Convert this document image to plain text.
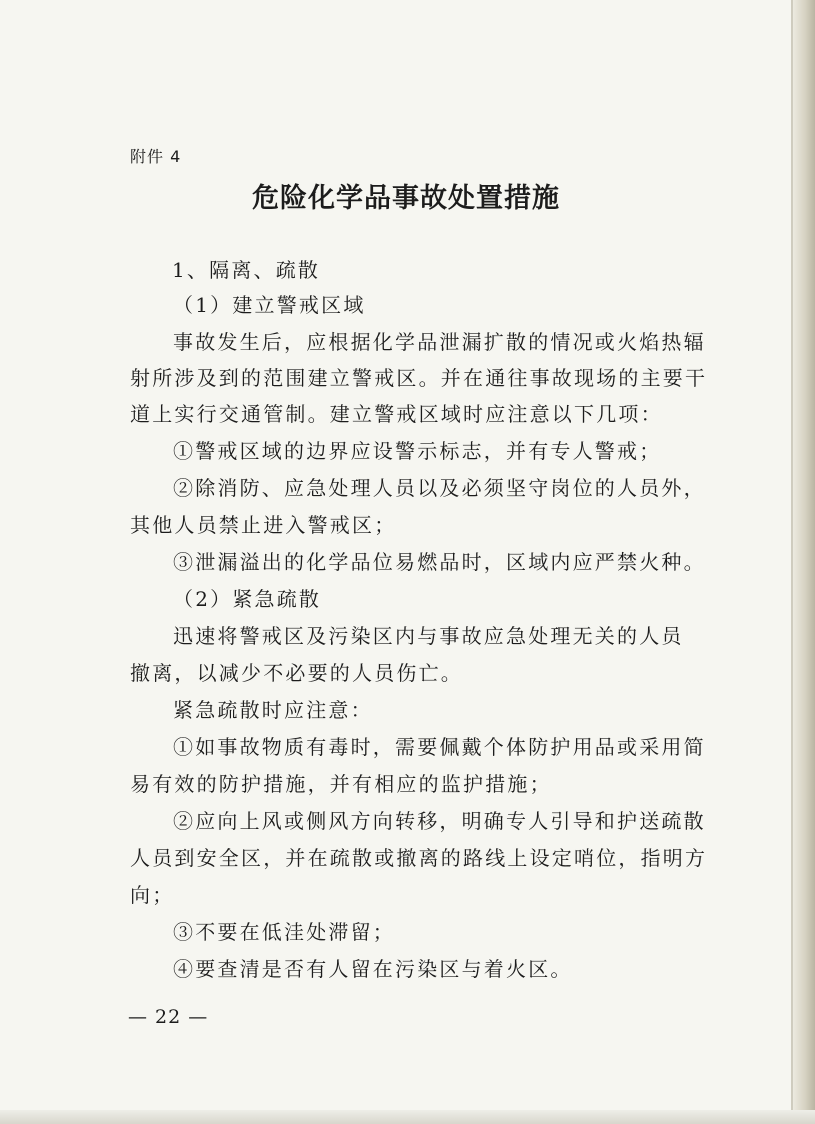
附件 4
危险化学品事故处置措施
1、隔离、疏散
（1）建立警戒区域
事故发生后，应根据化学品泄漏扩散的情况或火焰热辐
射所涉及到的范围建立警戒区。并在通往事故现场的主要干
道上实行交通管制。建立警戒区域时应注意以下几项：
①警戒区域的边界应设警示标志，并有专人警戒；
②除消防、应急处理人员以及必须坚守岗位的人员外，
其他人员禁止进入警戒区；
③泄漏溢出的化学品位易燃品时，区域内应严禁火种。
（2）紧急疏散
迅速将警戒区及污染区内与事故应急处理无关的人员
撤离，以减少不必要的人员伤亡。
紧急疏散时应注意：
①如事故物质有毒时，需要佩戴个体防护用品或采用简
易有效的防护措施，并有相应的监护措施；
②应向上风或侧风方向转移，明确专人引导和护送疏散
人员到安全区，并在疏散或撤离的路线上设定哨位，指明方
向；
③不要在低洼处滞留；
④要查清是否有人留在污染区与着火区。
— 22 —
